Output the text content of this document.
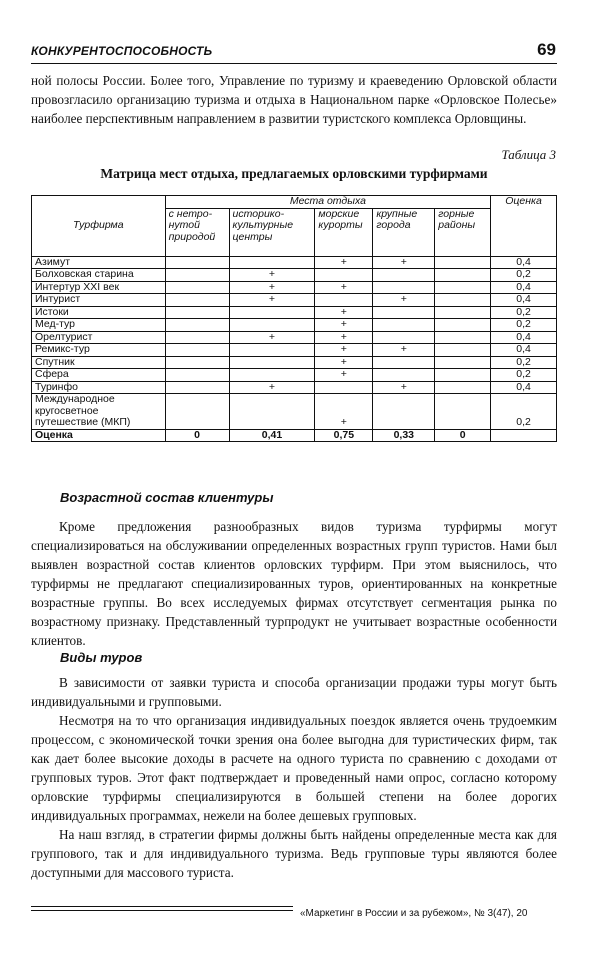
КОНКУРЕНТОСПОСОБНОСТЬ	69

ной полосы России. Более того, Управление по туризму и краеведению Орловской области провозгласило организацию туризма и отдыха в Национальном парке «Орловское Полесье» наиболее перспективным направлением в развитии туристского комплекса Орловщины.

Таблица 3
Матрица мест отдыха, предлагаемых орловскими турфирмами
Турфирма	Места отдыха					Оценка
	с нетро-нутой природой	историко-культурные центры	морские курорты	крупные города	горные районы	
Азимут			+	+		0,4
Болховская старина		+				0,2
Интертур XXI век		+	+			0,4
Интурист		+		+		0,4
Истоки			+			0,2
Мед-тур			+			0,2
Орелтурист		+	+			0,4
Ремикс-тур			+	+		0,4
Спутник			+			0,2
Сфера			+			0,2
Туринфо		+		+		0,4
Международное кругосветное путешествие (МКП)			+			0,2
Оценка	0	0,41	0,75	0,33	0	
Возрастной состав клиентуры

Кроме предложения разнообразных видов туризма турфирмы могут специализироваться на обслуживании определенных возрастных групп туристов. Нами был выявлен возрастной состав клиентов орловских турфирм. При этом выяснилось, что турфирмы не предлагают специализированных туров, ориентированных на конкретные возрастные группы. Во всех исследуемых фирмах отсутствует сегментация рынка по возрастному признаку. Представленный турпродукт не учитывает возрастные особенности клиентов.

Виды туров

В зависимости от заявки туриста и способа организации продажи туры могут быть индивидуальными и групповыми.

Несмотря на то что организация индивидуальных поездок является очень трудоемким процессом, с экономической точки зрения она более выгодна для туристических фирм, так как дает более высокие доходы в расчете на одного туриста по сравнению с доходами от групповых туров. Этот факт подтверждает и проведенный нами опрос, согласно которому орловские турфирмы специализируются в большей степени на более дорогих индивидуальных программах, нежели на более дешевых групповых.

На наш взгляд, в стратегии фирмы должны быть найдены определенные места как для группового, так и для индивидуального туризма. Ведь групповые туры являются более доступными для массового туриста.

«Маркетинг в России и за рубежом», № 3(47), 20
